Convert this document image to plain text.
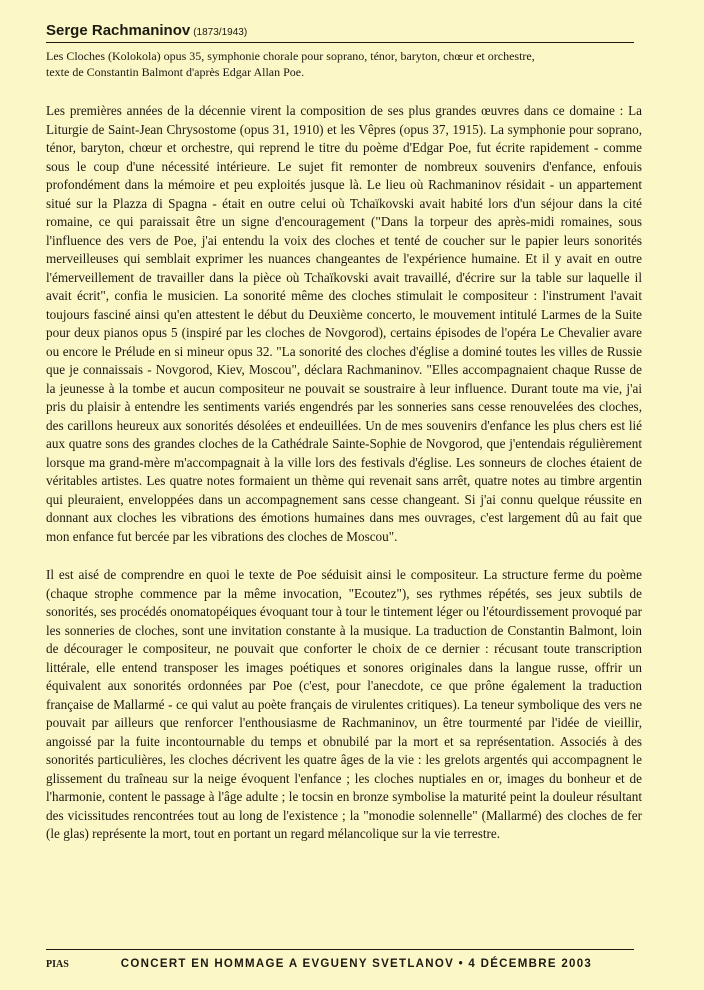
Serge Rachmaninov (1873/1943)
Les Cloches (Kolokola) opus 35, symphonie chorale pour soprano, ténor, baryton, chœur et orchestre,
texte de Constantin Balmont d'après Edgar Allan Poe.

Les premières années de la décennie virent la composition de ses plus grandes œuvres dans ce domaine : La Liturgie de Saint-Jean Chrysostome (opus 31, 1910) et les Vêpres (opus 37, 1915). La symphonie pour soprano, ténor, baryton, chœur et orchestre, qui reprend le titre du poème d'Edgar Poe, fut écrite rapidement - comme sous le coup d'une nécessité intérieure. Le sujet fit remonter de nombreux souvenirs d'enfance, enfouis profondément dans la mémoire et peu exploités jusque là. Le lieu où Rachmaninov résidait - un appartement situé sur la Plazza di Spagna - était en outre celui où Tchaïkovski avait habité lors d'un séjour dans la cité romaine, ce qui paraissait être un signe d'encouragement ("Dans la torpeur des après-midi romaines, sous l'influence des vers de Poe, j'ai entendu la voix des cloches et tenté de coucher sur le papier leurs sonorités merveilleuses qui semblait exprimer les nuances changeantes de l'expérience humaine. Et il y avait en outre l'émerveillement de travailler dans la pièce où Tchaïkovski avait travaillé, d'écrire sur la table sur laquelle il avait écrit", confia le musicien. La sonorité même des cloches stimulait le compositeur : l'instrument l'avait toujours fasciné ainsi qu'en attestent le début du Deuxième concerto, le mouvement intitulé Larmes de la Suite pour deux pianos opus 5 (inspiré par les cloches de Novgorod), certains épisodes de l'opéra Le Chevalier avare ou encore le Prélude en si mineur opus 32. "La sonorité des cloches d'église a dominé toutes les villes de Russie que je connaissais - Novgorod, Kiev, Moscou", déclara Rachmaninov. "Elles accompagnaient chaque Russe de la jeunesse à la tombe et aucun compositeur ne pouvait se soustraire à leur influence. Durant toute ma vie, j'ai pris du plaisir à entendre les sentiments variés engendrés par les sonneries sans cesse renouvelées des cloches, des carillons heureux aux sonorités désolées et endeuillées. Un de mes souvenirs d'enfance les plus chers est lié aux quatre sons des grandes cloches de la Cathédrale Sainte-Sophie de Novgorod, que j'entendais régulièrement lorsque ma grand-mère m'accompagnait à la ville lors des festivals d'église. Les sonneurs de cloches étaient de véritables artistes. Les quatre notes formaient un thème qui revenait sans arrêt, quatre notes au timbre argentin qui pleuraient, enveloppées dans un accompagnement sans cesse changeant. Si j'ai connu quelque réussite en donnant aux cloches les vibrations des émotions humaines dans mes ouvrages, c'est largement dû au fait que mon enfance fut bercée par les vibrations des cloches de Moscou".

Il est aisé de comprendre en quoi le texte de Poe séduisit ainsi le compositeur. La structure ferme du poème (chaque strophe commence par la même invocation, "Ecoutez"), ses rythmes répétés, ses jeux subtils de sonorités, ses procédés onomatopéiques évoquant tour à tour le tintement léger ou l'étourdissement provoqué par les sonneries de cloches, sont une invitation constante à la musique. La traduction de Constantin Balmont, loin de décourager le compositeur, ne pouvait que conforter le choix de ce dernier : récusant toute transcription littérale, elle entend transposer les images poétiques et sonores originales dans la langue russe, offrir un équivalent aux sonorités ordonnées par Poe (c'est, pour l'anecdote, ce que prône également la traduction française de Mallarmé - ce qui valut au poète français de virulentes critiques). La teneur symbolique des vers ne pouvait par ailleurs que renforcer l'enthousiasme de Rachmaninov, un être tourmenté par l'idée de vieillir, angoissé par la fuite incontournable du temps et obnubilé par la mort et sa représentation. Associés à des sonorités particulières, les cloches décrivent les quatre âges de la vie : les grelots argentés qui accompagnent le glissement du traîneau sur la neige évoquent l'enfance ; les cloches nuptiales en or, images du bonheur et de l'harmonie, content le passage à l'âge adulte ; le tocsin en bronze symbolise la maturité peint la douleur résultant des vicissitudes rencontrées tout au long de l'existence ; la "monodie solennelle" (Mallarmé) des cloches de fer (le glas) représente la mort, tout en portant un regard mélancolique sur la vie terrestre.

PIAS	CONCERT EN HOMMAGE A EVGUENY SVETLANOV • 4 DÉCEMBRE 2003
